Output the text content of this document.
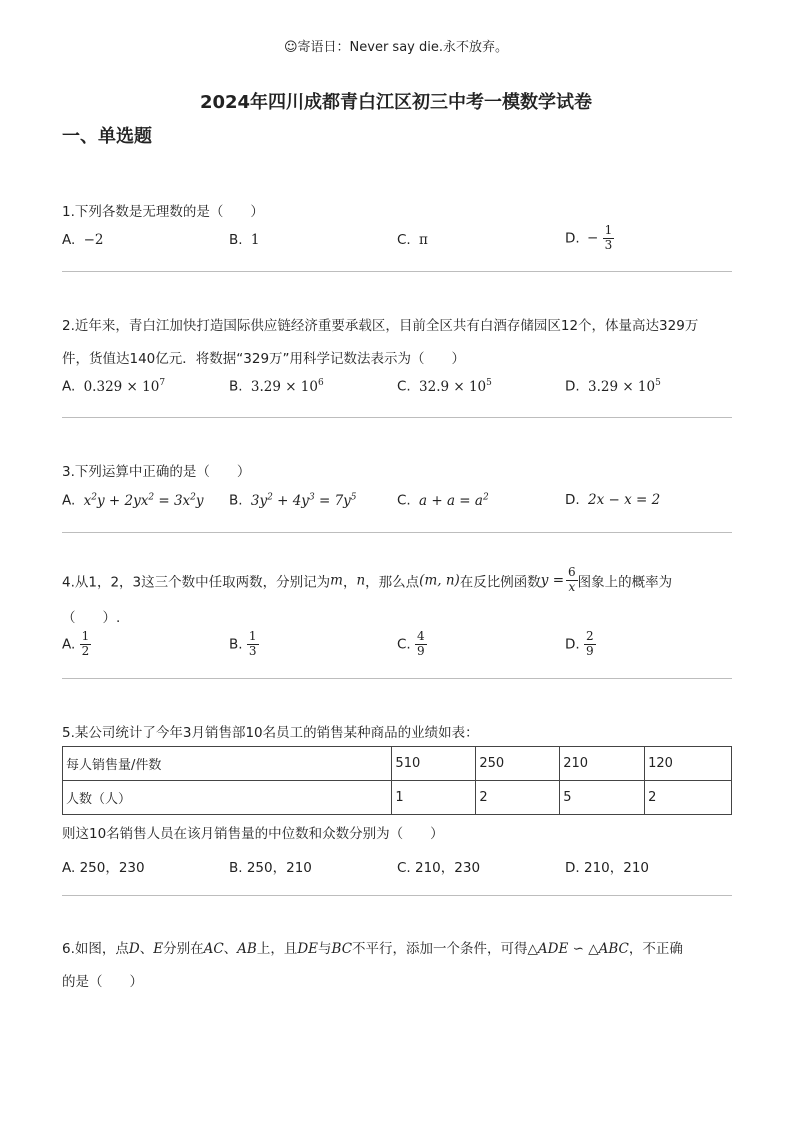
☺寄语日：Never say die.永不放弃。
2024年四川成都青白江区初三中考一模数学试卷
一、单选题
1.下列各数是无理数的是（　　）
A. −2	B. 1	C. π	D. − $\frac{1}{3}$
2.近年来，青白江加快打造国际供应链经济重要承载区，目前全区共有白酒存储园区12个，体量高达329万
件，货值达140亿元．将数据“329万”用科学记数法表示为（　　）
A. $0.329 \times 10^7$	B. $3.29 \times 10^6$	C. $32.9 \times 10^5$	D. $3.29 \times 10^5$
3.下列运算中正确的是（　　）
A. $x^2y + 2yx^2 = 3x^2y$ B. $3y^2 + 4y^3 = 7y^5$	C. $a + a = a^2$	D. 2x − x = 2
4.从1，2，3这三个数中任取两数，分别记为m，n，那么点(m, n)在反比例函数$y = \frac{6}{x}$ 图象上的概率为
（　　）.
A. $\frac{1}{2}$	B. $\frac{1}{3}$	C. $\frac{4}{9}$	D. $\frac{2}{9}$
5.某公司统计了今年3月销售部10名员工的销售某种商品的业绩如表：
每人销售量/件数	510	250	210	120
人数（人）	1	2	5	2
则这10名销售人员在该月销售量的中位数和众数分别为（　　）
A. 250，230	B. 250，210	C. 210，230	D. 210，210
6.如图，点D、E分别在AC、AB上，且DE与BC不平行，添加一个条件，可得△ADE ∽ △ABC，不正确
的是（　　）
